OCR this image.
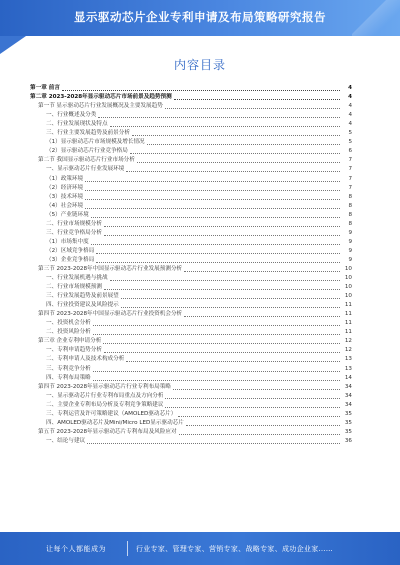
显示驱动芯片企业专利申请及布局策略研究报告
内容目录
第一章 前言	4
第二章 2023-2028年显示驱动芯片市场前景及趋势预测	4
第一节 显示驱动芯片行业发展概况及主要发展趋势	4
一、行业概述及分类	4
二、行业发展现状及特点	4
三、行业主要发展趋势及前景分析	5
（1）显示驱动芯片市场规模及增长情况	5
（2）显示驱动芯片行业竞争格局	6
第二节 我国显示驱动芯片行业市场分析	7
一、显示驱动芯片行业发展环境	7
（1）政策环境	7
（2）经济环境	7
（3）技术环境	8
（4）社会环境	8
（5）产业链环境	8
二、行业市场规模分析	8
三、行业竞争格局分析	9
（1）市场集中度	9
（2）区域竞争格局	9
（3）企业竞争格局	9
第三节 2023-2028年中国显示驱动芯片行业发展预测分析	10
一、行业发展机遇与挑战	10
二、行业市场规模预测	10
三、行业发展趋势及前景展望	10
四、行业投资建议及风险提示	11
第四节 2023-2028年中国显示驱动芯片行业投资机会分析	11
一、投资机会分析	11
二、投资风险分析	11
第三章 企业专利申请分析	12
一、专利申请趋势分析	12
二、专利申请人及技术构成分析	13
三、专利竞争分析	13
四、专利布局策略	14
第四节 2023-2028年显示驱动芯片行业专利布局策略	34
一、显示驱动芯片行业专利布局重点及方向分析	34
二、主要企业专利布局分析及专利竞争策略建议	34
三、专利运营及许可策略建议（AMOLED驱动芯片）	35
四、AMOLED驱动芯片及Mini/Micro LED显示驱动芯片	35
第五节 2023-2028年显示驱动芯片专利布局及风险应对	35
一、结论与建议	36
让每个人都能成为	行业专家、管理专家、营销专家、战略专家、成功企业家……
